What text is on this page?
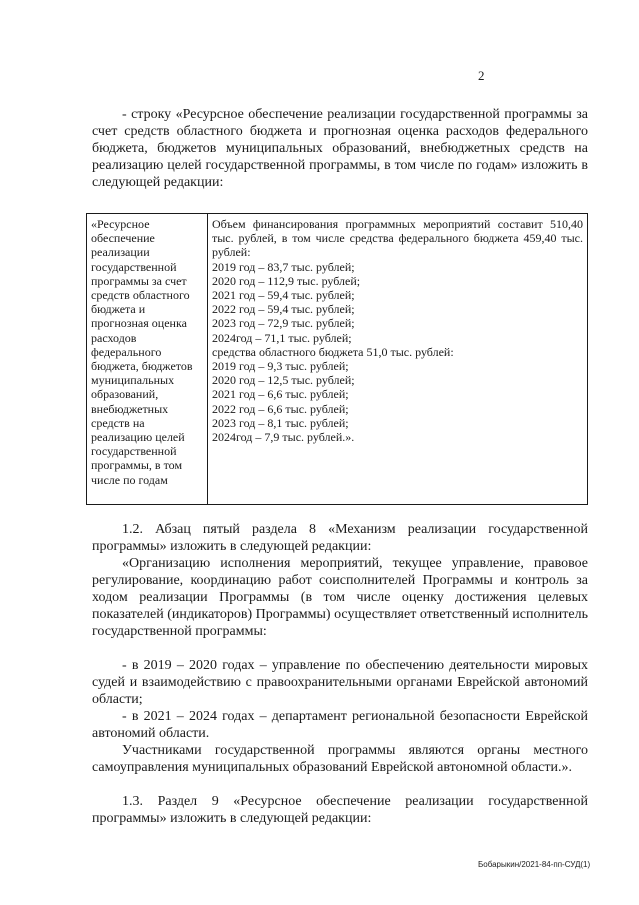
2

- строку «Ресурсное обеспечение реализации государственной программы за счет средств областного бюджета и прогнозная оценка расходов федерального бюджета, бюджетов муниципальных образований, внебюджетных средств на реализацию целей государственной программы, в том числе по годам» изложить в следующей редакции:

«Ресурсное обеспечение реализации государственной программы за счет средств областного бюджета и прогнозная оценка расходов федерального бюджета, бюджетов муниципальных образований, внебюджетных средств на реализацию целей государственной программы, в том числе по годам
Объем финансирования программных мероприятий составит 510,40 тыс. рублей, в том числе средства федерального бюджета 459,40 тыс. рублей:
2019 год – 83,7 тыс. рублей;
2020 год – 112,9 тыс. рублей;
2021 год – 59,4 тыс. рублей;
2022 год – 59,4 тыс. рублей;
2023 год – 72,9 тыс. рублей;
2024год – 71,1 тыс. рублей;
средства областного бюджета 51,0 тыс. рублей:
2019 год – 9,3 тыс. рублей;
2020 год – 12,5 тыс. рублей;
2021 год – 6,6 тыс. рублей;
2022 год – 6,6 тыс. рублей;
2023 год – 8,1 тыс. рублей;
2024год – 7,9 тыс. рублей.».

1.2. Абзац пятый раздела 8 «Механизм реализации государственной программы» изложить в следующей редакции:

«Организацию исполнения мероприятий, текущее управление, правовое регулирование, координацию работ соисполнителей Программы и контроль за ходом реализации Программы (в том числе оценку достижения целевых показателей (индикаторов) Программы) осуществляет ответственный исполнитель государственной программы:

- в 2019 – 2020 годах – управление по обеспечению деятельности мировых судей и взаимодействию с правоохранительными органами Еврейской автономий области;

- в 2021 – 2024 годах – департамент региональной безопасности Еврейской автономий области.

Участниками государственной программы являются органы местного самоуправления муниципальных образований Еврейской автономной области.».

1.3. Раздел 9 «Ресурсное обеспечение реализации государственной программы» изложить в следующей редакции:

Бобарыкин/2021-84-пп-СУД(1)
